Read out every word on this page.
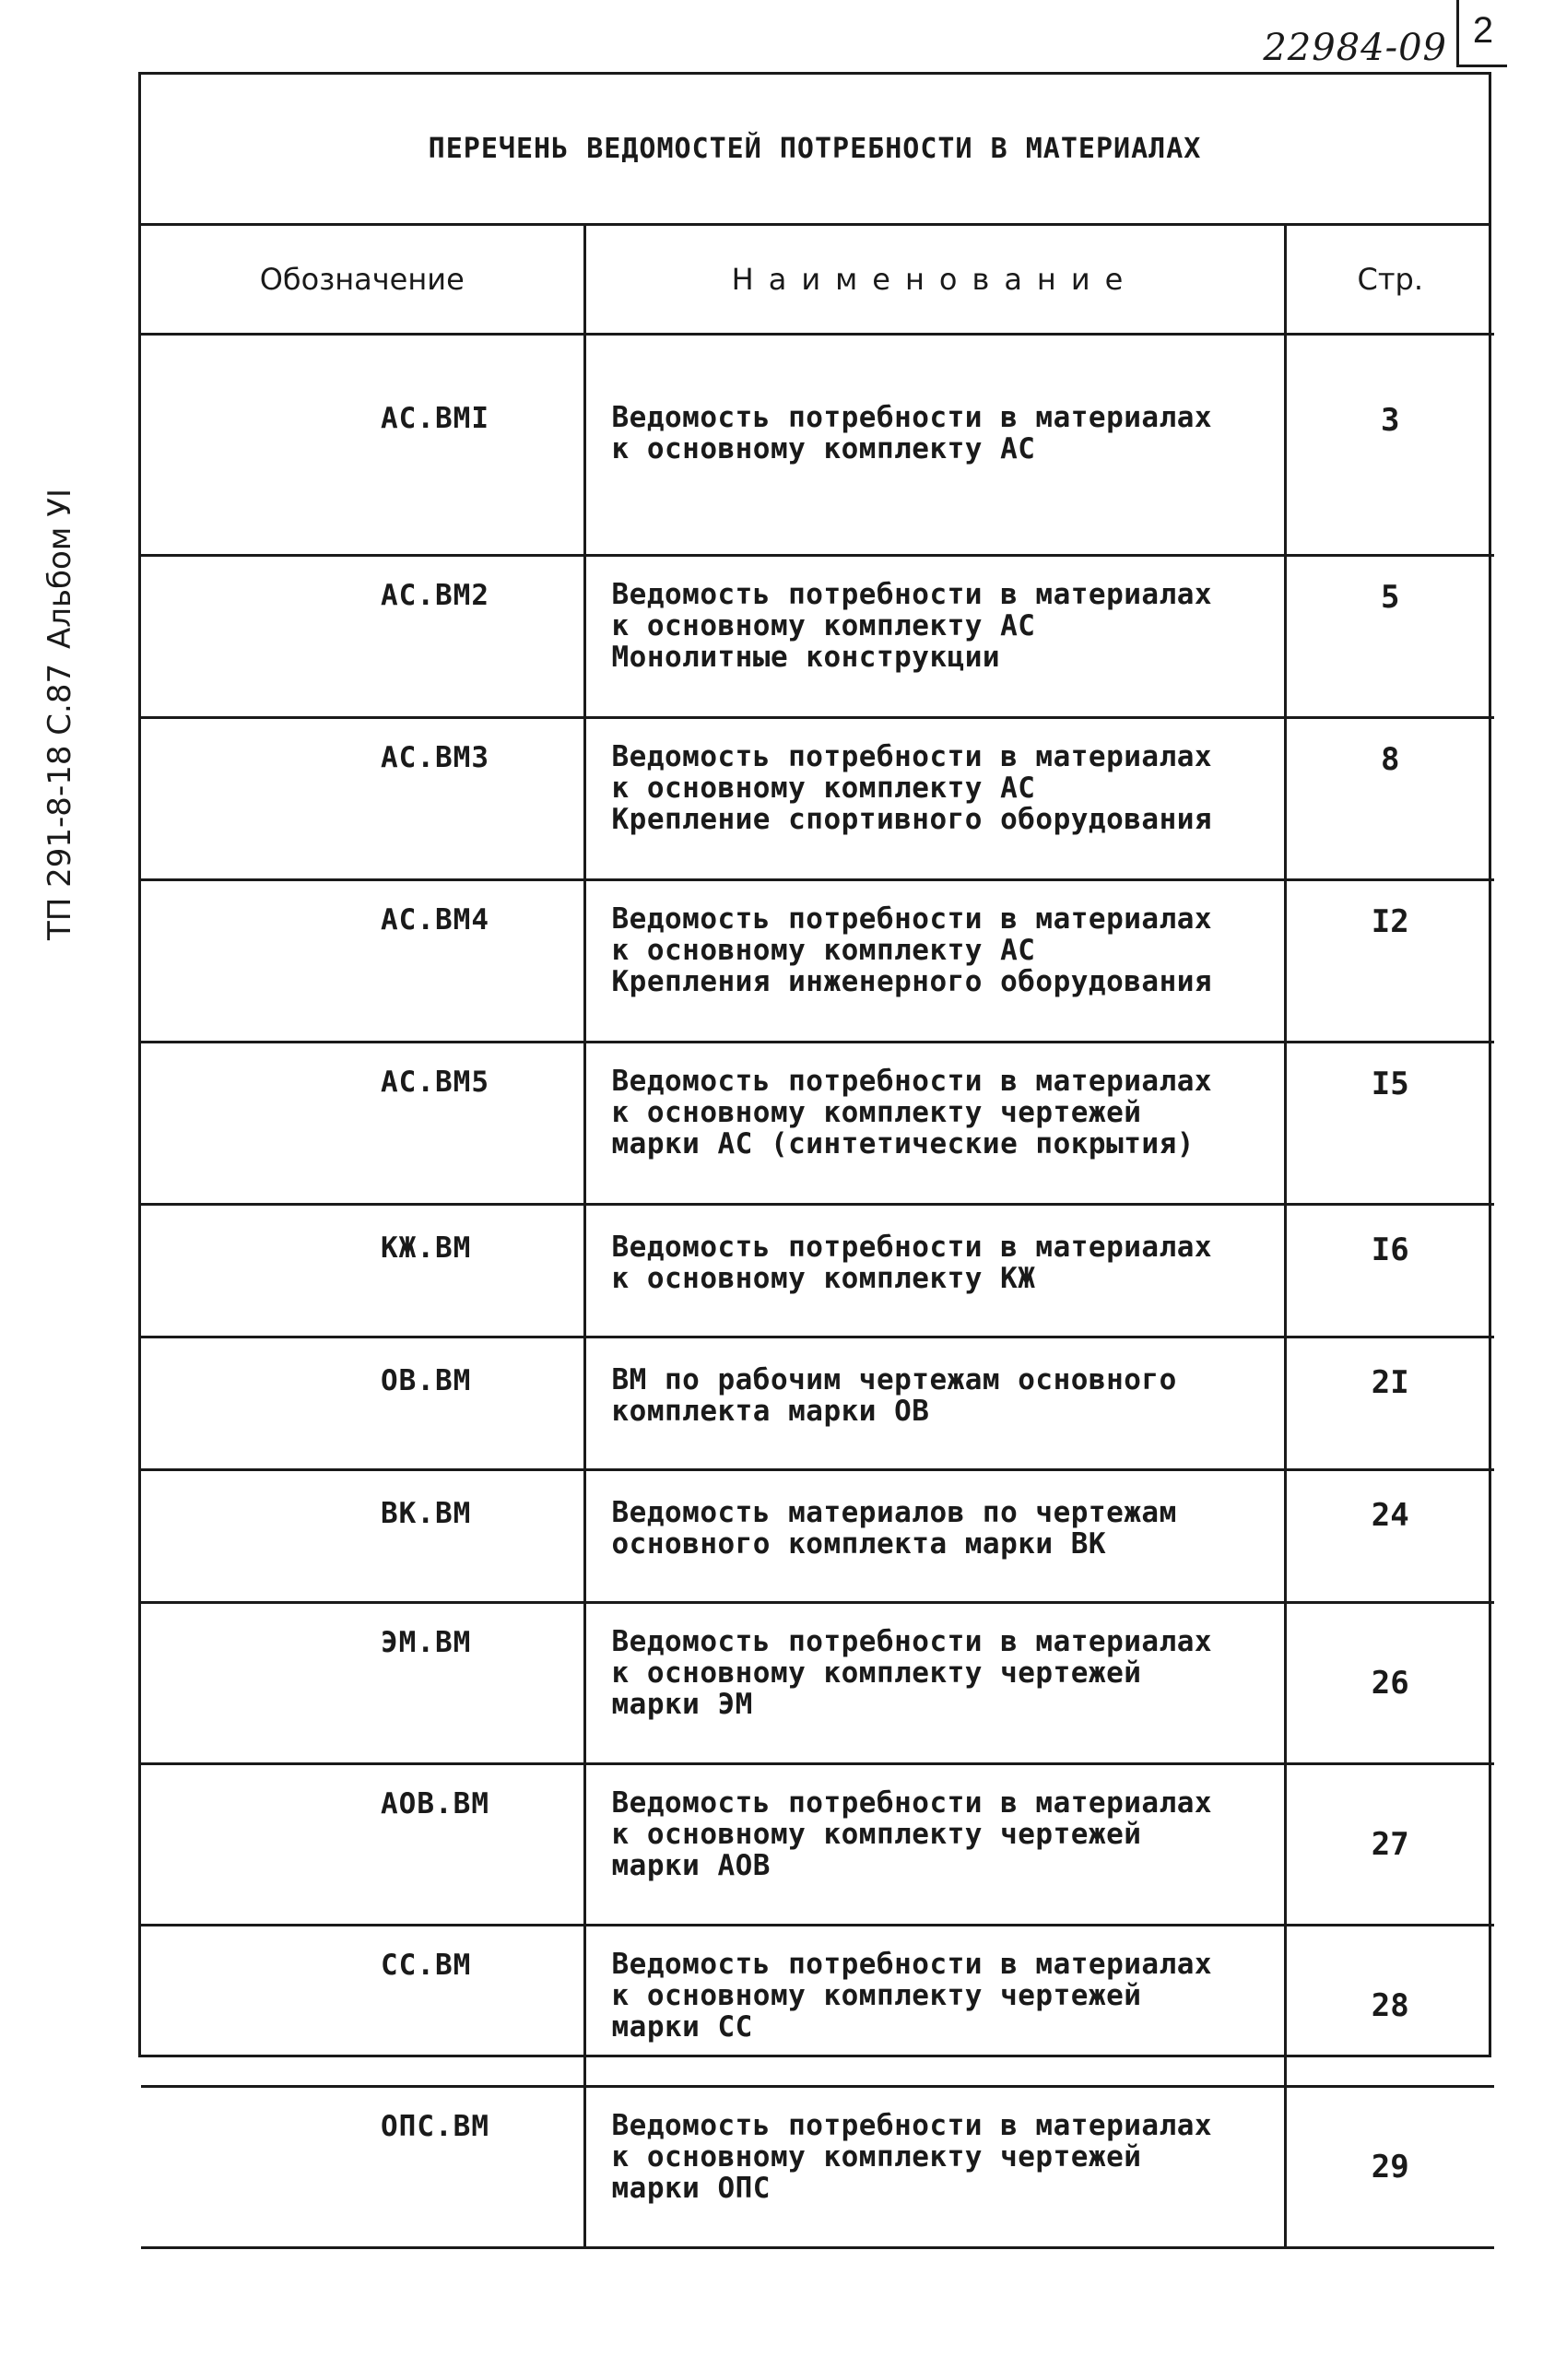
22984-09 2
ТП 291-8-18 С.87
Альбом УI
ПЕРЕЧЕНЬ ВЕДОМОСТЕЙ ПОТРЕБНОСТИ В МАТЕРИАЛАХ
Обозначение	Наименование	Стр.
АС.ВМI	Ведомость потребности в материалах
к основному комплекту АС	3
АС.ВМ2	Ведомость потребности в материалах
к основному комплекту АС
Монолитные конструкции	5
АС.ВМ3	Ведомость потребности в материалах
к основному комплекту АС
Крепление спортивного оборудования	8
АС.ВМ4	Ведомость потребности в материалах
к основному комплекту АС
Крепления инженерного оборудования	I2
АС.ВМ5	Ведомость потребности в материалах
к основному комплекту чертежей
марки АС (синтетические покрытия)	I5
КЖ.ВМ	Ведомость потребности в материалах
к основному комплекту КЖ	I6
ОВ.ВМ	ВМ по рабочим чертежам основного
комплекта марки ОВ	2I
ВК.ВМ	Ведомость материалов по чертежам
основного комплекта марки ВК	24
ЭМ.ВМ	Ведомость потребности в материалах
к основному комплекту чертежей
марки ЭМ	26
АОВ.ВМ	Ведомость потребности в материалах
к основному комплекту чертежей
марки АОВ	27
СС.ВМ	Ведомость потребности в материалах
к основному комплекту чертежей
марки СС	28
ОПС.ВМ	Ведомость потребности в материалах
к основному комплекту чертежей
марки ОПС	29
